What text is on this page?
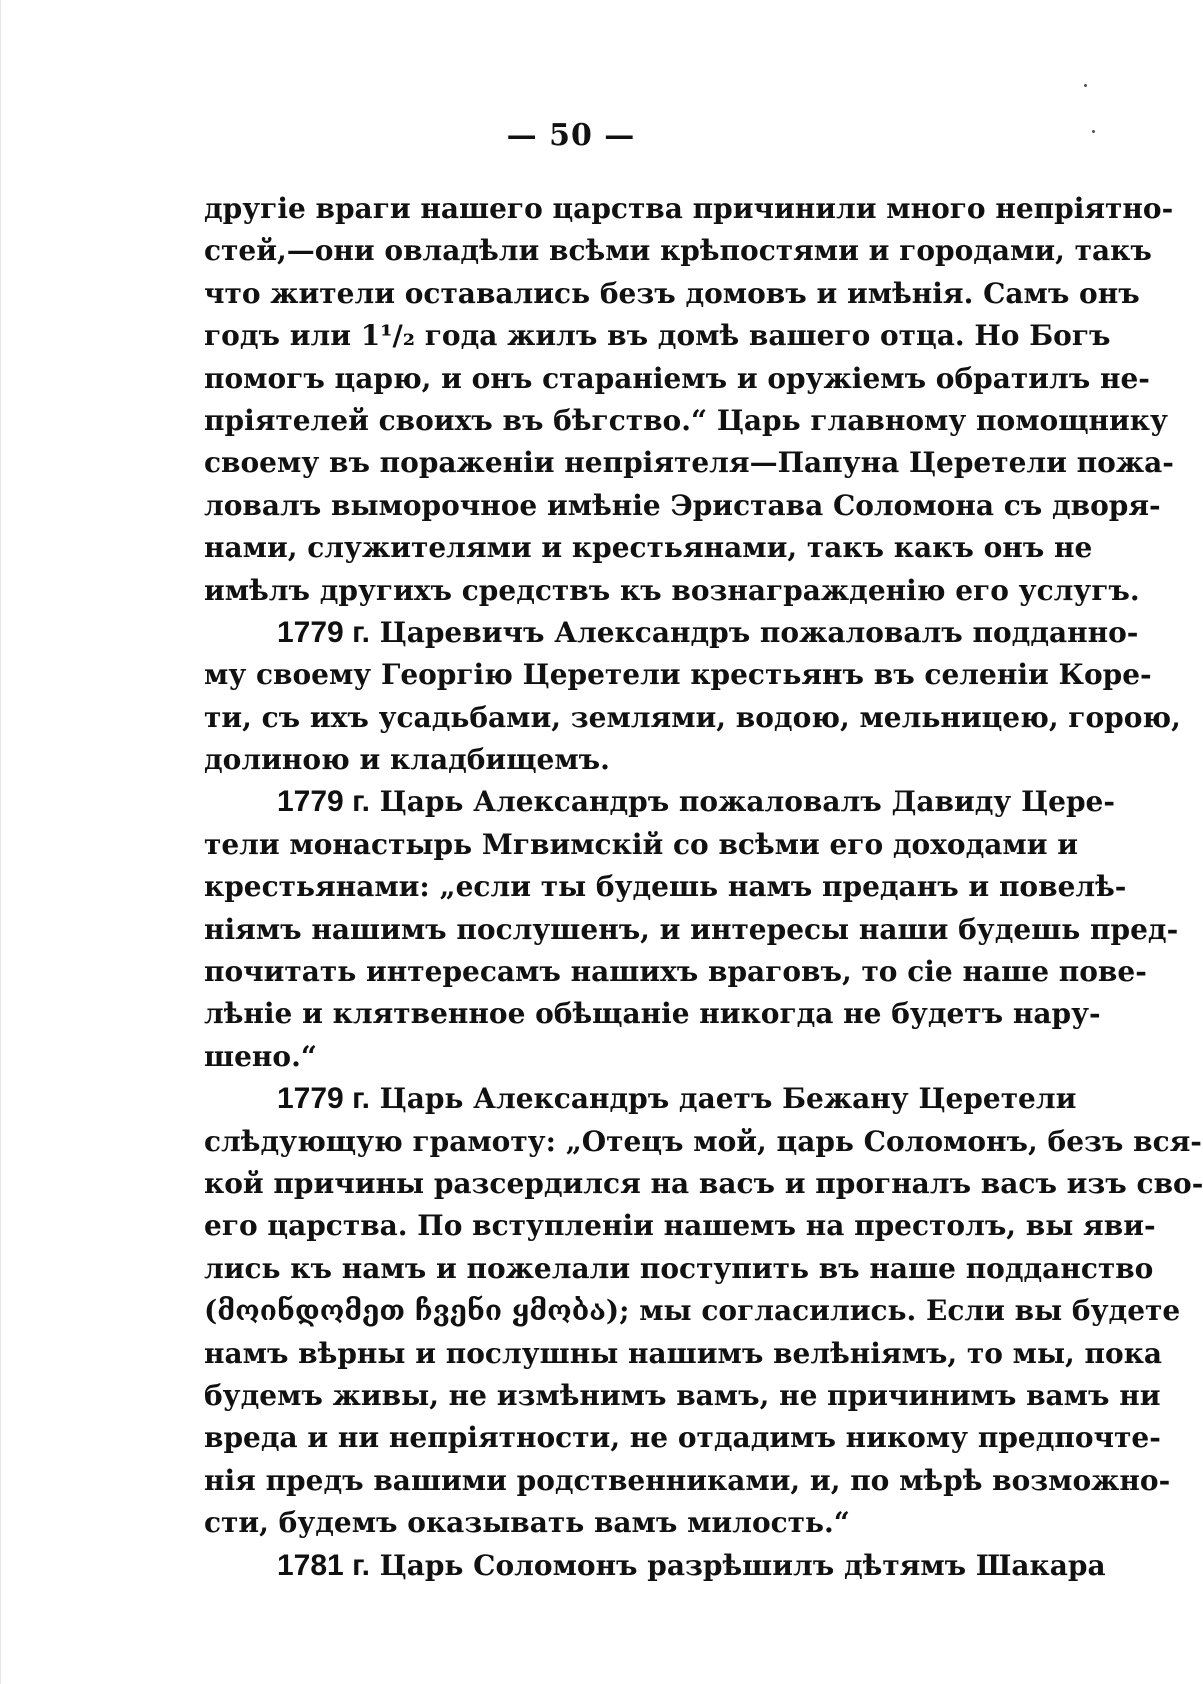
— 50 —
другіе враги нашего царства причинили много непріятно-
стей,—они овладѣли всѣми крѣпостями и городами, такъ
что жители оставались безъ домовъ и имѣнія. Самъ онъ
годъ или 1¹/₂ года жилъ въ домѣ вашего отца. Но Богъ
помогъ царю, и онъ стараніемъ и оружіемъ обратилъ не-
пріятелей своихъ въ бѣгство.“ Царь главному помощнику
своему въ пораженіи непріятеля—Папуна Церетели пожа-
ловалъ выморочное имѣніе Эриставa Соломона съ дворя-
нами, служителями и крестьянами, такъ какъ онъ не
имѣлъ другихъ средствъ къ вознагражденію его услугъ.
1779 г. Царевичъ Александръ пожаловалъ подданно-
му своему Георгію Церетели крестьянъ въ селеніи Коре-
ти, съ ихъ усадьбами, землями, водою, мельницею, горою,
долиною и кладбищемъ.
1779 г. Царь Александръ пожаловалъ Давиду Цере-
тели монастырь Мгвимскій со всѣми его доходами и
крестьянами: „если ты будешь намъ преданъ и повелѣ-
ніямъ нашимъ послушенъ, и интересы наши будешь пред-
почитать интересамъ нашихъ враговъ, то сіе наше пове-
лѣніе и клятвенное обѣщаніе никогда не будетъ нару-
шено.“
1779 г. Царь Александръ даетъ Бежану Церетели
слѣдующую грамоту: „Отецъ мой, царь Соломонъ, безъ вся-
кой причины разсердился на васъ и прогналъ васъ изъ сво-
его царства. По вступленіи нашемъ на престолъ, вы яви-
лись къ намъ и пожелали поступить въ наше подданство
(მოინდომეთ ჩვენი ყმობა); мы согласились. Если вы будете
намъ вѣрны и послушны нашимъ велѣніямъ, то мы, пока
будемъ живы, не измѣнимъ вамъ, не причинимъ вамъ ни
вреда и ни непріятности, не отдадимъ никому предпочте-
нія предъ вашими родственниками, и, по мѣрѣ возможно-
сти, будемъ оказывать вамъ милость.“
1781 г. Царь Соломонъ разрѣшилъ дѣтямъ Шакара
